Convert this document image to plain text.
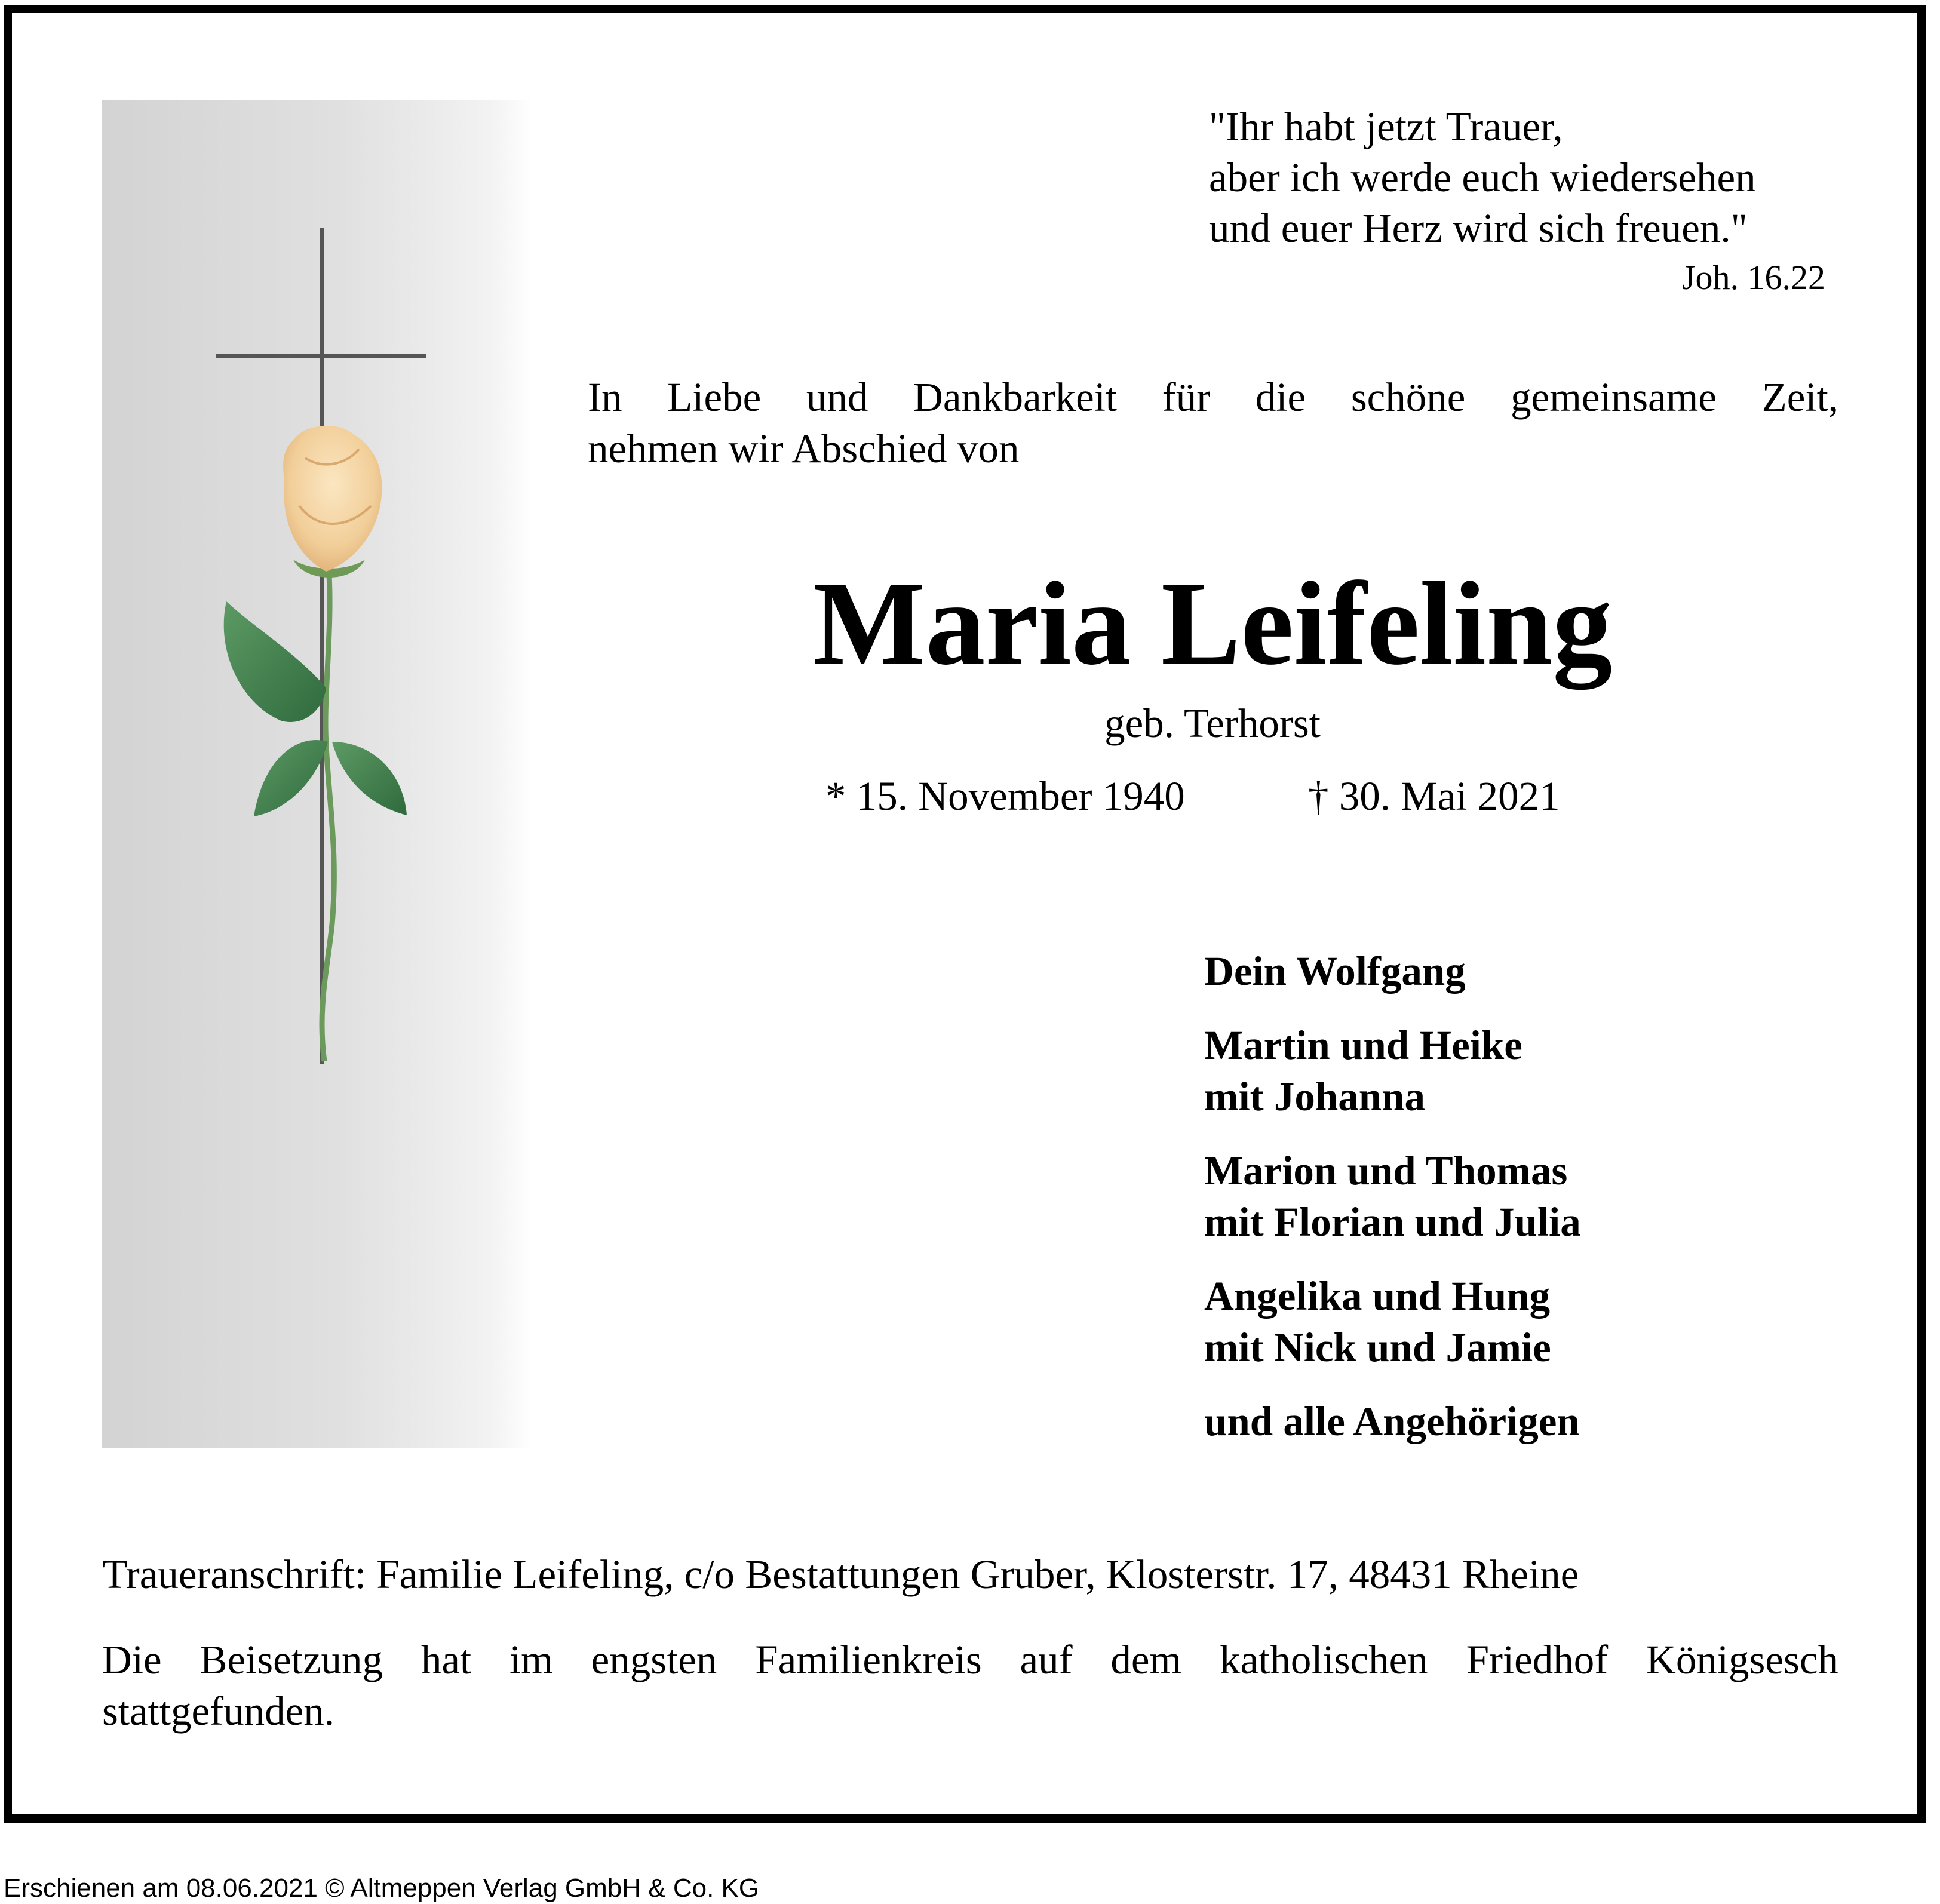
"Ihr habt jetzt Trauer,
aber ich werde euch wiedersehen
und euer Herz wird sich freuen."
Joh. 16.22
In Liebe und Dankbarkeit für die schöne gemeinsame Zeit,
nehmen wir Abschied von
Maria Leifeling
geb. Terhorst
* 15. November 1940	† 30. Mai 2021
Dein Wolfgang
Martin und Heike
mit Johanna
Marion und Thomas
mit Florian und Julia
Angelika und Hung
mit Nick und Jamie
und alle Angehörigen
Traueranschrift: Familie Leifeling, c/o Bestattungen Gruber, Klosterstr. 17, 48431 Rheine
Die Beisetzung hat im engsten Familienkreis auf dem katholischen Friedhof Königsesch
stattgefunden.
Erschienen am 08.06.2021 © Altmeppen Verlag GmbH & Co. KG
